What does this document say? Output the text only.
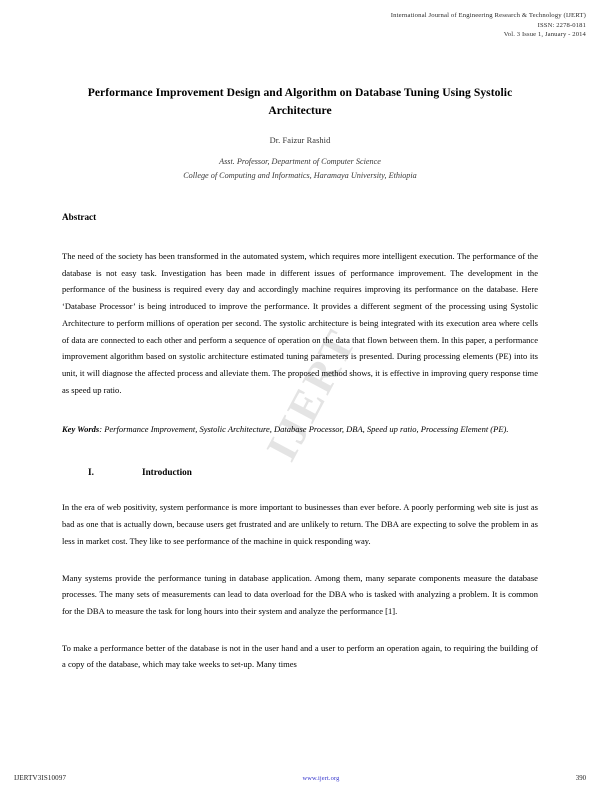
International Journal of Engineering Research & Technology (IJERT)
ISSN: 2278-0181
Vol. 3 Issue 1, January - 2014
IJERT
Performance Improvement Design and Algorithm on Database Tuning Using Systolic Architecture
Dr. Faizur Rashid
Asst. Professor, Department of Computer Science
College of Computing and Informatics, Haramaya University, Ethiopia
Abstract

The need of the society has been transformed in the automated system, which requires more intelligent execution. The performance of the database is not easy task. Investigation has been made in different issues of performance improvement. The development in the performance of the business is required every day and accordingly machine requires improving its performance on the database. Here ‘Database Processor’ is being introduced to improve the performance. It provides a different segment of the processing using Systolic Architecture to perform millions of operation per second. The systolic architecture is being integrated with its execution area where cells of data are connected to each other and perform a sequence of operation on the data that flown between them. In this paper, a performance improvement algorithm based on systolic architecture estimated tuning parameters is presented. During processing elements (PE) into its unit, it will diagnose the affected process and alleviate them. The proposed method shows, it is effective in improving query response time as speed up ratio.

Key Words: Performance Improvement, Systolic Architecture, Database Processor, DBA, Speed up ratio, Processing Element (PE).

I.	Introduction

In the era of web positivity, system performance is more important to businesses than ever before. A poorly performing web site is just as bad as one that is actually down, because users get frustrated and are unlikely to return. The DBA are expecting to solve the problem in as less in market cost. They like to see performance of the machine in quick responding way.

Many systems provide the performance tuning in database application. Among them, many separate components measure the database processes. The many sets of measurements can lead to data overload for the DBA who is tasked with analyzing a problem. It is common for the DBA to measure the task for long hours into their system and analyze the performance [1].

To make a performance better of the database is not in the user hand and a user to perform an operation again, to requiring the building of a copy of the database, which may take weeks to set-up. Many times

IJERTV3IS10097	www.ijert.org	390
